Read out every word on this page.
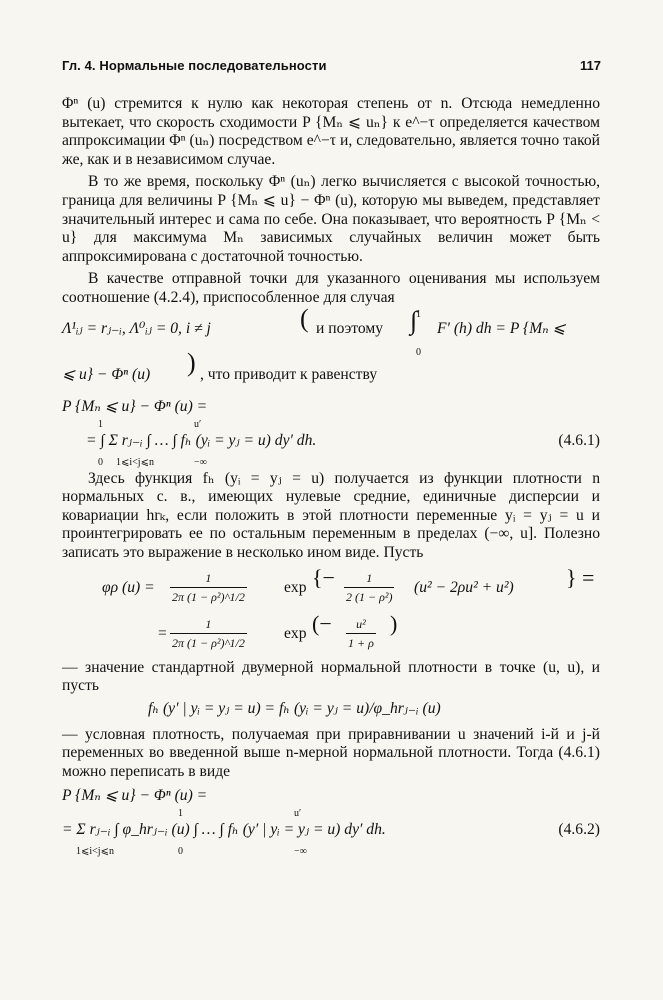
Гл. 4. Нормальные последовательности	117

Φⁿ (u) стремится к нулю как некоторая степень от n. Отсюда немедленно вытекает, что скорость сходимости P {Mₙ ⩽ uₙ} к e^−τ определяется качеством аппроксимации Φⁿ (uₙ) посредством e^−τ и, следовательно, является точно такой же, как и в независимом случае.

В то же время, поскольку Φⁿ (uₙ) легко вычисляется с высокой точностью, граница для величины P {Mₙ ⩽ u} − Φⁿ (u), которую мы выведем, представляет значительный интерес и сама по себе. Она показывает, что вероятность P {Mₙ < u} для максимума Mₙ зависимых случайных величин может быть аппроксимирована с достаточной точностью.

В качестве отправной точки для указанного оценивания мы используем соотношение (4.2.4), приспособленное для случая

Λ¹ᵢⱼ = rⱼ₋ᵢ, Λ⁰ᵢⱼ = 0, i ≠ j	( и поэтому ∫
1
0
F′ (h) dh = P {Mₙ ⩽
⩽ u} − Φⁿ (u) ) , что приводит к равенству
P {Mₙ ⩽ u} − Φⁿ (u) =
= ∫ Σ rⱼ₋ᵢ ∫ … ∫ fₕ (yᵢ = yⱼ = u) dy′ dh.
1
0 1⩽i<j⩽n
u′
−∞
(4.6.1)

Здесь функция fₕ (yᵢ = yⱼ = u) получается из функции плотности n нормальных с. в., имеющих нулевые средние, единичные дисперсии и ковариации hrₖ, если положить в этой плотности переменные yᵢ = yⱼ = u и проинтегрировать ее по остальным переменным в пределах (−∞, u]. Полезно записать это выражение в несколько ином виде. Пусть

φρ $(u) = \frac{1}{\text{2π (1 − ρ²)\textasciicircum{}1/2}}$ exp {− $\frac{1}{\text{2 (1 − ρ²)}} (u^2 - 2\rho u^2 + u^2)$ } =
= $\frac{1}{\text{2π (1 − ρ²)\textasciicircum{}1/2}}$ exp (− $\frac{\text{u²}}{1 + \rho}$ )

— значение стандартной двумерной нормальной плотности в точке (u, u), и пусть

fₕ (y′ | yᵢ = yⱼ = u) = fₕ (yᵢ = yⱼ = u)/φ_hrⱼ₋ᵢ (u)

— условная плотность, получаемая при приравнивании u значений i-й и j-й переменных во введенной выше n-мерной нормальной плотности. Тогда (4.6.1) можно переписать в виде

P {Mₙ ⩽ u} − Φⁿ (u) =
= Σ rⱼ₋ᵢ ∫ φ_hrⱼ₋ᵢ (u) ∫ … ∫ fₕ (y′ | yᵢ = yⱼ = u) dy′ dh.
1⩽i<j⩽n
1
0
u′
−∞
(4.6.2)
